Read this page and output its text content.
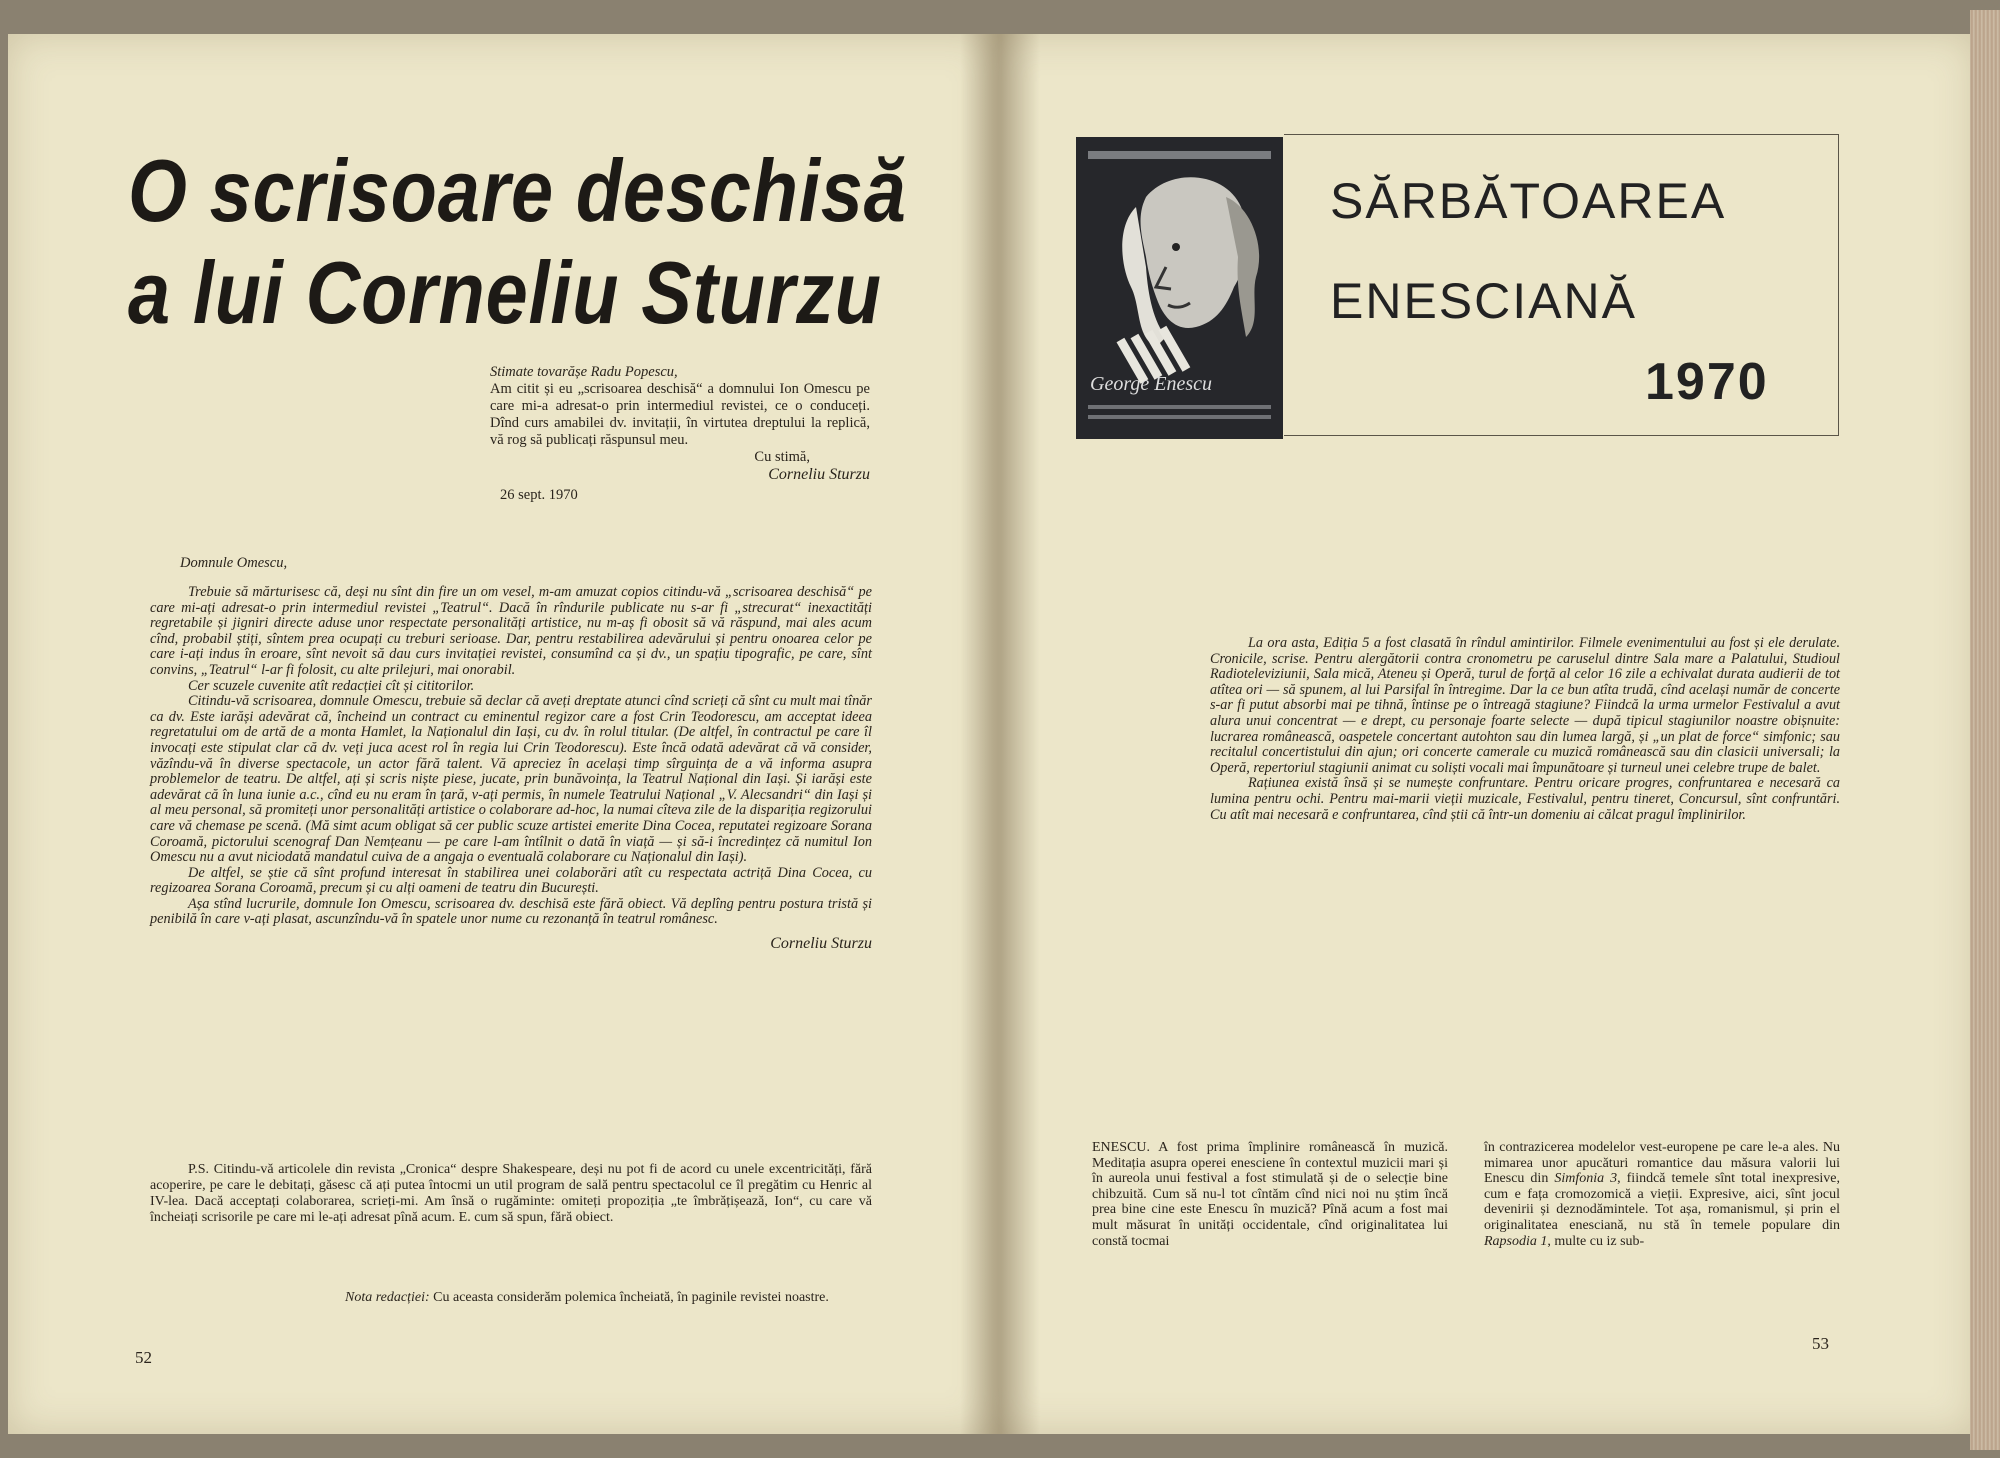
O scrisoare deschisă
a lui Corneliu Sturzu
Stimate tovarășe Radu Popescu,
Am citit și eu „scrisoarea deschisă“ a domnului Ion Omescu pe care mi-a adresat-o prin intermediul revistei, ce o conduceți. Dînd curs amabilei dv. invitații, în virtutea dreptului la replică, vă rog să publicați răspunsul meu.
Cu stimă,
Corneliu Sturzu
26 sept. 1970
Domnule Omescu,

Trebuie să mărturisesc că, deși nu sînt din fire un om vesel, m-am amuzat copios citindu-vă „scrisoarea deschisă“ pe care mi-ați adresat-o prin intermediul revistei „Teatrul“. Dacă în rîndurile publicate nu s-ar fi „strecurat“ inexactități regretabile și jigniri directe aduse unor respectate personalități artistice, nu m-aș fi obosit să vă răspund, mai ales acum cînd, probabil știți, sîntem prea ocupați cu treburi serioase. Dar, pentru restabilirea adevărului și pentru onoarea celor pe care i-ați indus în eroare, sînt nevoit să dau curs invitației revistei, consumînd ca și dv., un spațiu tipografic, pe care, sînt convins, „Teatrul“ l-ar fi folosit, cu alte prilejuri, mai onorabil.

Cer scuzele cuvenite atît redacției cît și cititorilor.

Citindu-vă scrisoarea, domnule Omescu, trebuie să declar că aveți dreptate atunci cînd scrieți că sînt cu mult mai tînăr ca dv. Este iarăși adevărat că, încheind un contract cu eminentul regizor care a fost Crin Teodorescu, am acceptat ideea regretatului om de artă de a monta Hamlet, la Naționalul din Iași, cu dv. în rolul titular. (De altfel, în contractul pe care îl invocați este stipulat clar că dv. veți juca acest rol în regia lui Crin Teodorescu). Este încă odată adevărat că vă consider, văzîndu-vă în diverse spectacole, un actor fără talent. Vă apreciez în același timp sîrguința de a vă informa asupra problemelor de teatru. De altfel, ați și scris niște piese, jucate, prin bunăvoința, la Teatrul Național din Iași. Și iarăși este adevărat că în luna iunie a.c., cînd eu nu eram în țară, v-ați permis, în numele Teatrului Național „V. Alecsandri“ din Iași și al meu personal, să promiteți unor personalități artistice o colaborare ad-hoc, la numai cîteva zile de la dispariția regizorului care vă chemase pe scenă. (Mă simt acum obligat să cer public scuze artistei emerite Dina Cocea, reputatei regizoare Sorana Coroamă, pictorului scenograf Dan Nemțeanu — pe care l-am întîlnit o dată în viață — și să-i încredințez că numitul Ion Omescu nu a avut niciodată mandatul cuiva de a angaja o eventuală colaborare cu Naționalul din Iași).

De altfel, se știe că sînt profund interesat în stabilirea unei colaborări atît cu respectata actriță Dina Cocea, cu regizoarea Sorana Coroamă, precum și cu alți oameni de teatru din București.

Așa stînd lucrurile, domnule Ion Omescu, scrisoarea dv. deschisă este fără obiect. Vă deplîng pentru postura tristă și penibilă în care v-ați plasat, ascunzîndu-vă în spatele unor nume cu rezonanță în teatrul românesc.

Corneliu Sturzu

P.S. Citindu-vă articolele din revista „Cronica“ despre Shakespeare, deși nu pot fi de acord cu unele excentricități, fără acoperire, pe care le debitați, găsesc că ați putea întocmi un util program de sală pentru spectacolul ce îl pregătim cu Henric al IV-lea. Dacă acceptați colaborarea, scrieți-mi. Am însă o rugăminte: omiteți propoziția „te îmbrățișează, Ion“, cu care vă încheiați scrisorile pe care mi le-ați adresat pînă acum. E. cum să spun, fără obiect.

Nota redacției: Cu aceasta considerăm polemica încheiată, în paginile revistei noastre.
52
George Enescu
SĂRBĂTOAREA
ENESCIANĂ
1970

La ora asta, Ediția 5 a fost clasată în rîndul amintirilor. Filmele evenimentului au fost și ele derulate. Cronicile, scrise. Pentru alergătorii contra cronometru pe caruselul dintre Sala mare a Palatului, Studioul Radioteleviziunii, Sala mică, Ateneu și Operă, turul de forță al celor 16 zile a echivalat durata audierii de tot atîtea ori — să spunem, al lui Parsifal în întregime. Dar la ce bun atîta trudă, cînd același număr de concerte s-ar fi putut absorbi mai pe tihnă, întinse pe o întreagă stagiune? Fiindcă la urma urmelor Festivalul a avut alura unui concentrat — e drept, cu personaje foarte selecte — după tipicul stagiunilor noastre obișnuite: lucrarea românească, oaspetele concertant autohton sau din lumea largă, și „un plat de force“ simfonic; sau recitalul concertistului din ajun; ori concerte camerale cu muzică românească sau din clasicii universali; la Operă, repertoriul stagiunii animat cu soliști vocali mai împunătoare și turneul unei celebre trupe de balet.

Rațiunea există însă și se numește confruntare. Pentru oricare progres, confruntarea e necesară ca lumina pentru ochi. Pentru mai-marii vieții muzicale, Festivalul, pentru tineret, Concursul, sînt confruntări. Cu atît mai necesară e confruntarea, cînd știi că într-un domeniu ai călcat pragul împlinirilor.

ENESCU. A fost prima împlinire românească în muzică. Meditația asupra operei enesciene în contextul muzicii mari și în aureola unui festival a fost stimulată și de o selecție bine chibzuită. Cum să nu-l tot cîntăm cînd nici noi nu știm încă prea bine cine este Enescu în muzică? Pînă acum a fost mai mult măsurat în unități occidentale, cînd originalitatea lui constă tocmai
în contrazicerea modelelor vest-europene pe care le-a ales. Nu mimarea unor apucături romantice dau măsura valorii lui Enescu din Simfonia 3, fiindcă temele sînt total inexpresive, cum e fața cromozomică a vieții. Expresive, aici, sînt jocul devenirii și deznodămintele. Tot așa, romanismul, și prin el originalitatea enesciană, nu stă în temele populare din Rapsodia 1, multe cu iz sub-
53
